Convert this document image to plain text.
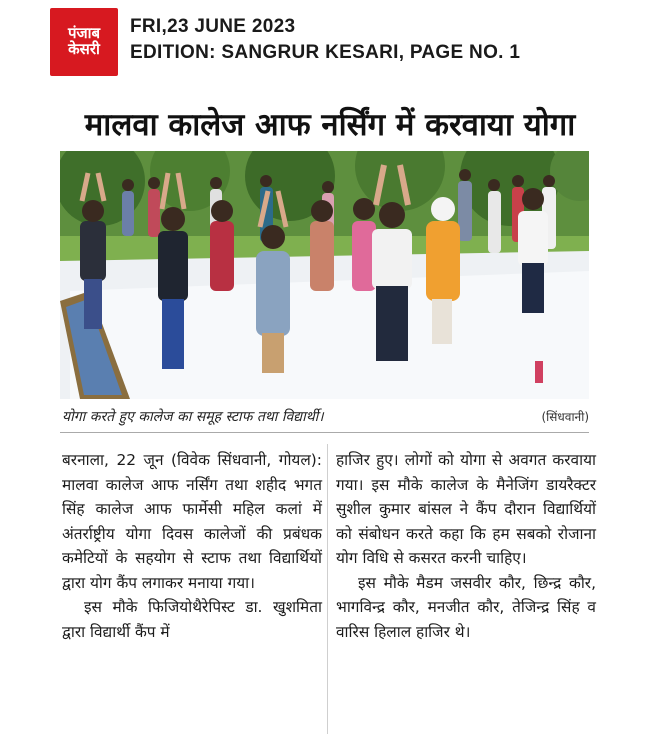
पंजाब
केसरी
FRI,23 JUNE 2023
EDITION: SANGRUR KESARI, PAGE NO. 1
मालवा कालेज आफ नर्सिंग में करवाया योगा
योगा करते हुए कालेज का समूह स्टाफ तथा विद्यार्थी।	(सिंधवानी)

बरनाला, 22 जून (विवेक सिंधवानी, गोयल): मालवा कालेज आफ नर्सिंग तथा शहीद भगत सिंह कालेज आफ फार्मेसी महिल कलां में अंतर्राष्ट्रीय योगा दिवस कालेजों की प्रबंधक कमेटियों के सहयोग से स्टाफ तथा विद्यार्थियों द्वारा योग कैंप लगाकर मनाया गया।

इस मौके फिजियोथैरेपिस्ट डा. खुशमिता द्वारा विद्यार्थी कैंप में

हाजिर हुए। लोगों को योगा से अवगत करवाया गया। इस मौके कालेज के मैनेजिंग डायरैक्टर सुशील कुमार बांसल ने कैंप दौरान विद्यार्थियों को संबोधन करते कहा कि हम सबको रोजाना योग विधि से कसरत करनी चाहिए।

इस मौके मैडम जसवीर कौर, छिन्द्र कौर, भागविन्द्र कौर, मनजीत कौर, तेजिन्द्र सिंह व वारिस हिलाल हाजिर थे।
